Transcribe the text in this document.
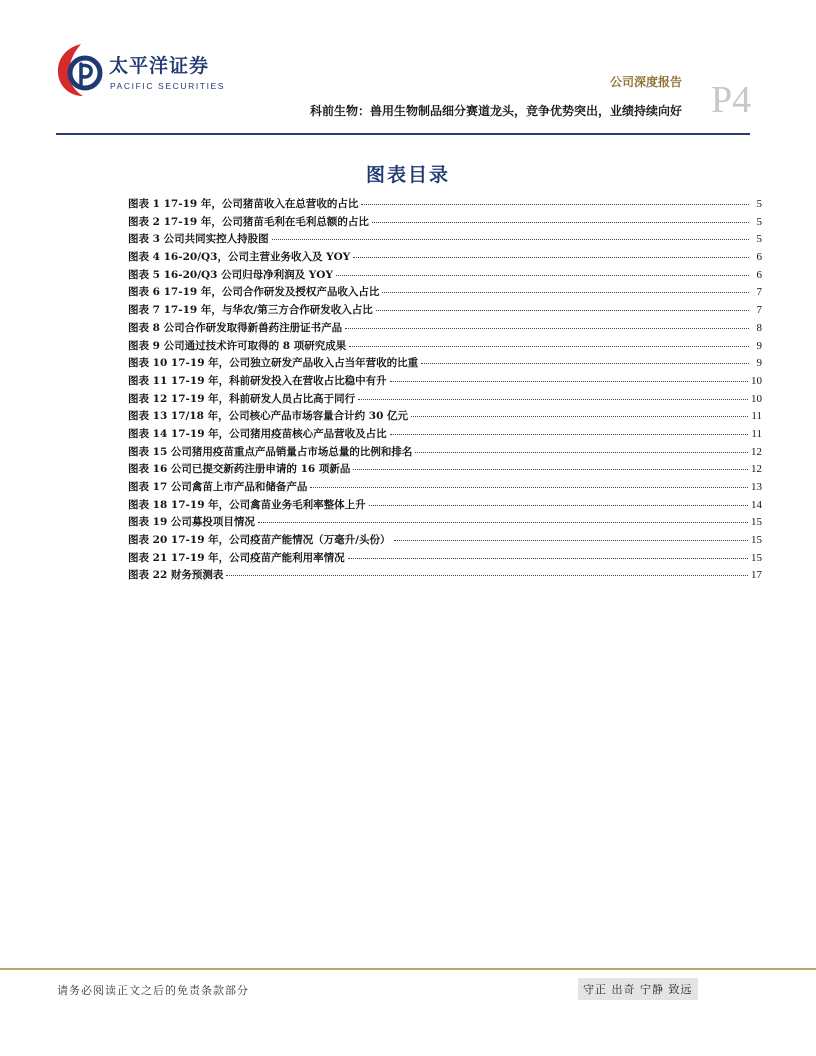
太平洋证券
PACIFIC SECURITIES	公司深度报告 P4
科前生物：兽用生物制品细分赛道龙头，竞争优势突出，业绩持续向好
图表目录
图表 1 17-19 年，公司猪苗收入在总营收的占比	5
图表 2 17-19 年，公司猪苗毛利在毛利总额的占比	5
图表 3 公司共同实控人持股图	5
图表 4 16-20/Q3，公司主营业务收入及 YOY	6
图表 5 16-20/Q3 公司归母净利润及 YOY	6
图表 6 17-19 年，公司合作研发及授权产品收入占比	7
图表 7 17-19 年，与华农/第三方合作研发收入占比	7
图表 8 公司合作研发取得新兽药注册证书产品	8
图表 9 公司通过技术许可取得的 8 项研究成果	9
图表 10 17-19 年，公司独立研发产品收入占当年营收的比重	9
图表 11 17-19 年，科前研发投入在营收占比稳中有升	10
图表 12 17-19 年，科前研发人员占比高于同行	10
图表 13 17/18 年，公司核心产品市场容量合计约 30 亿元	11
图表 14 17-19 年，公司猪用疫苗核心产品营收及占比	11
图表 15 公司猪用疫苗重点产品销量占市场总量的比例和排名	12
图表 16 公司已提交新药注册申请的 16 项新品	12
图表 17 公司禽苗上市产品和储备产品	13
图表 18 17-19 年，公司禽苗业务毛利率整体上升	14
图表 19 公司募投项目情况	15
图表 20 17-19 年，公司疫苗产能情况（万毫升/头份）	15
图表 21 17-19 年，公司疫苗产能利用率情况	15
图表 22 财务预测表	17
请务必阅读正文之后的免责条款部分	守正 出奇 宁静 致远
